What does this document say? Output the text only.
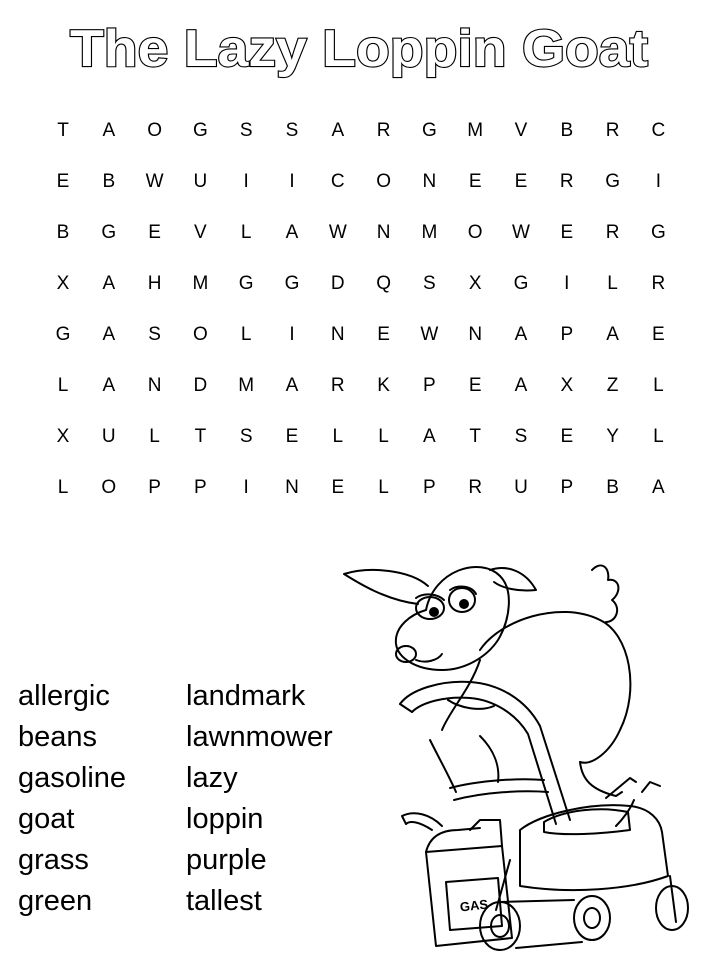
The Lazy Loppin Goat
T	A	O	G	S	S	A	R	G	M	V	B	R	C
E	B	W	U	I	I	C	O	N	E	E	R	G	I
B	G	E	V	L	A	W	N	M	O	W	E	R	G
X	A	H	M	G	G	D	Q	S	X	G	I	L	R
G	A	S	O	L	I	N	E	W	N	A	P	A	E
L	A	N	D	M	A	R	K	P	E	A	X	Z	L
X	U	L	T	S	E	L	L	A	T	S	E	Y	L
L	O	P	P	I	N	E	L	P	R	U	P	B	A
allergic
beans
gasoline
goat
grass
green
landmark
lawnmower
lazy
loppin
purple
tallest	GAS
